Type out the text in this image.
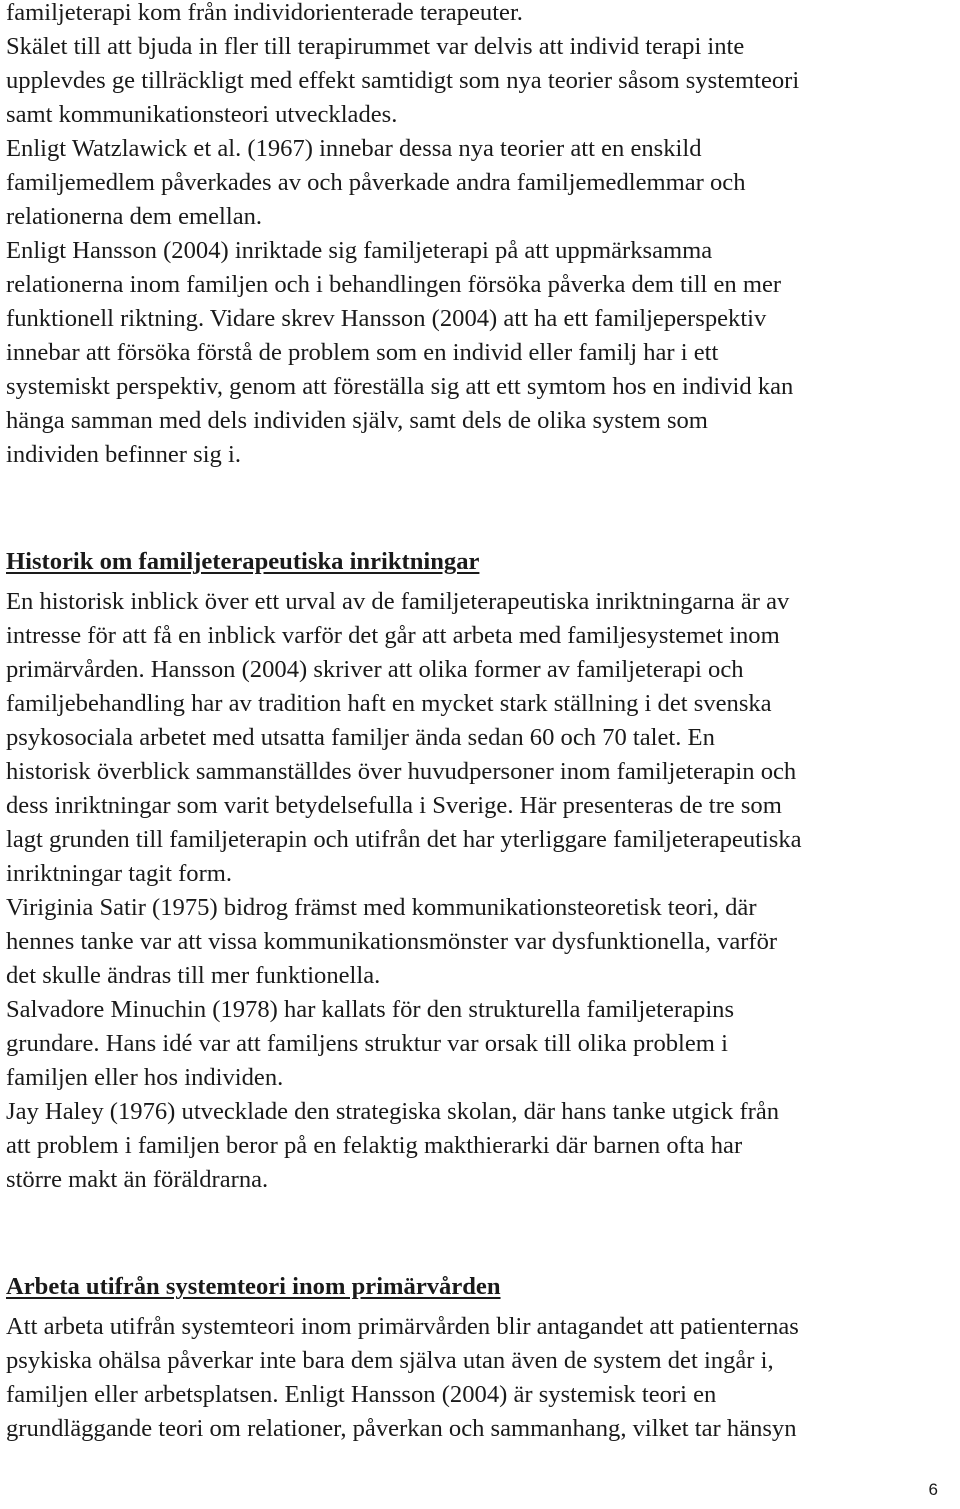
familjeterapi kom från individorienterade terapeuter.
Skälet till att bjuda in fler till terapirummet var delvis att individ terapi inte
upplevdes ge tillräckligt med effekt samtidigt som nya teorier såsom systemteori
samt kommunikationsteori utvecklades.
Enligt Watzlawick et al. (1967) innebar dessa nya teorier att en enskild
familjemedlem påverkades av och påverkade andra familjemedlemmar och
relationerna dem emellan.
Enligt Hansson (2004) inriktade sig familjeterapi på att uppmärksamma
relationerna inom familjen och i behandlingen försöka påverka dem till en mer
funktionell riktning. Vidare skrev Hansson (2004) att ha ett familjeperspektiv
innebar att försöka förstå de problem som en individ eller familj har i ett
systemiskt perspektiv, genom att föreställa sig att ett symtom hos en individ kan
hänga samman med dels individen själv, samt dels de olika system som
individen befinner sig i.
Historik om familjeterapeutiska inriktningar
En historisk inblick över ett urval av de familjeterapeutiska inriktningarna är av
intresse för att få en inblick varför det går att arbeta med familjesystemet inom
primärvården. Hansson (2004) skriver att olika former av familjeterapi och
familjebehandling har av tradition haft en mycket stark ställning i det svenska
psykosociala arbetet med utsatta familjer ända sedan 60 och 70 talet. En
historisk överblick sammanställdes över huvudpersoner inom familjeterapin och
dess inriktningar som varit betydelsefulla i Sverige. Här presenteras de tre som
lagt grunden till familjeterapin och utifrån det har yterliggare familjeterapeutiska
inriktningar tagit form.
Viriginia Satir (1975) bidrog främst med kommunikationsteoretisk teori, där
hennes tanke var att vissa kommunikationsmönster var dysfunktionella, varför
det skulle ändras till mer funktionella.
Salvadore Minuchin (1978) har kallats för den strukturella familjeterapins
grundare. Hans idé var att familjens struktur var orsak till olika problem i
familjen eller hos individen.
Jay Haley (1976) utvecklade den strategiska skolan, där hans tanke utgick från
att problem i familjen beror på en felaktig makthierarki där barnen ofta har
större makt än föräldrarna.
Arbeta utifrån systemteori inom primärvården
Att arbeta utifrån systemteori inom primärvården blir antagandet att patienternas
psykiska ohälsa påverkar inte bara dem själva utan även de system det ingår i,
familjen eller arbetsplatsen. Enligt Hansson (2004) är systemisk teori en
grundläggande teori om relationer, påverkan och sammanhang, vilket tar hänsyn
6
